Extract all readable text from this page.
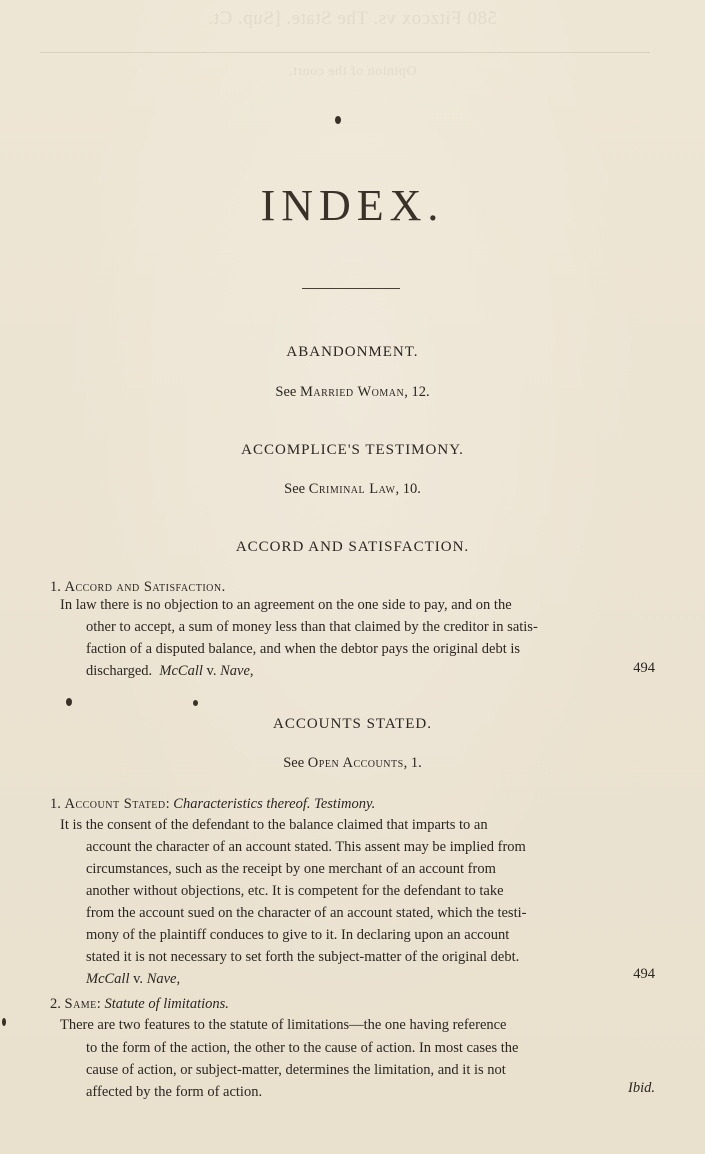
580 Fitzcox vs. The State. [Sup. Ct.
Opinion of the court.
INDEX.
ABANDONMENT.
See Married Woman, 12.
ACCOMPLICE'S TESTIMONY.
See Criminal Law, 10.
ACCORD AND SATISFACTION.
1. Accord and Satisfaction.
In law there is no objection to an agreement on the one side to pay, and on the
other to accept, a sum of money less than that claimed by the creditor in satis-
faction of a disputed balance, and when the debtor pays the original debt is
discharged. McCall v. Nave,	494
ACCOUNTS STATED.
See Open Accounts, 1.
1. Account Stated: Characteristics thereof. Testimony.
It is the consent of the defendant to the balance claimed that imparts to an
account the character of an account stated. This assent may be implied from
circumstances, such as the receipt by one merchant of an account from
another without objections, etc. It is competent for the defendant to take
from the account sued on the character of an account stated, which the testi-
mony of the plaintiff conduces to give to it. In declaring upon an account
stated it is not necessary to set forth the subject-matter of the original debt.
McCall v. Nave,	494
2. Same: Statute of limitations.
There are two features to the statute of limitations—the one having reference
to the form of the action, the other to the cause of action. In most cases the
cause of action, or subject-matter, determines the limitation, and it is not
affected by the form of action.	Ibid.
